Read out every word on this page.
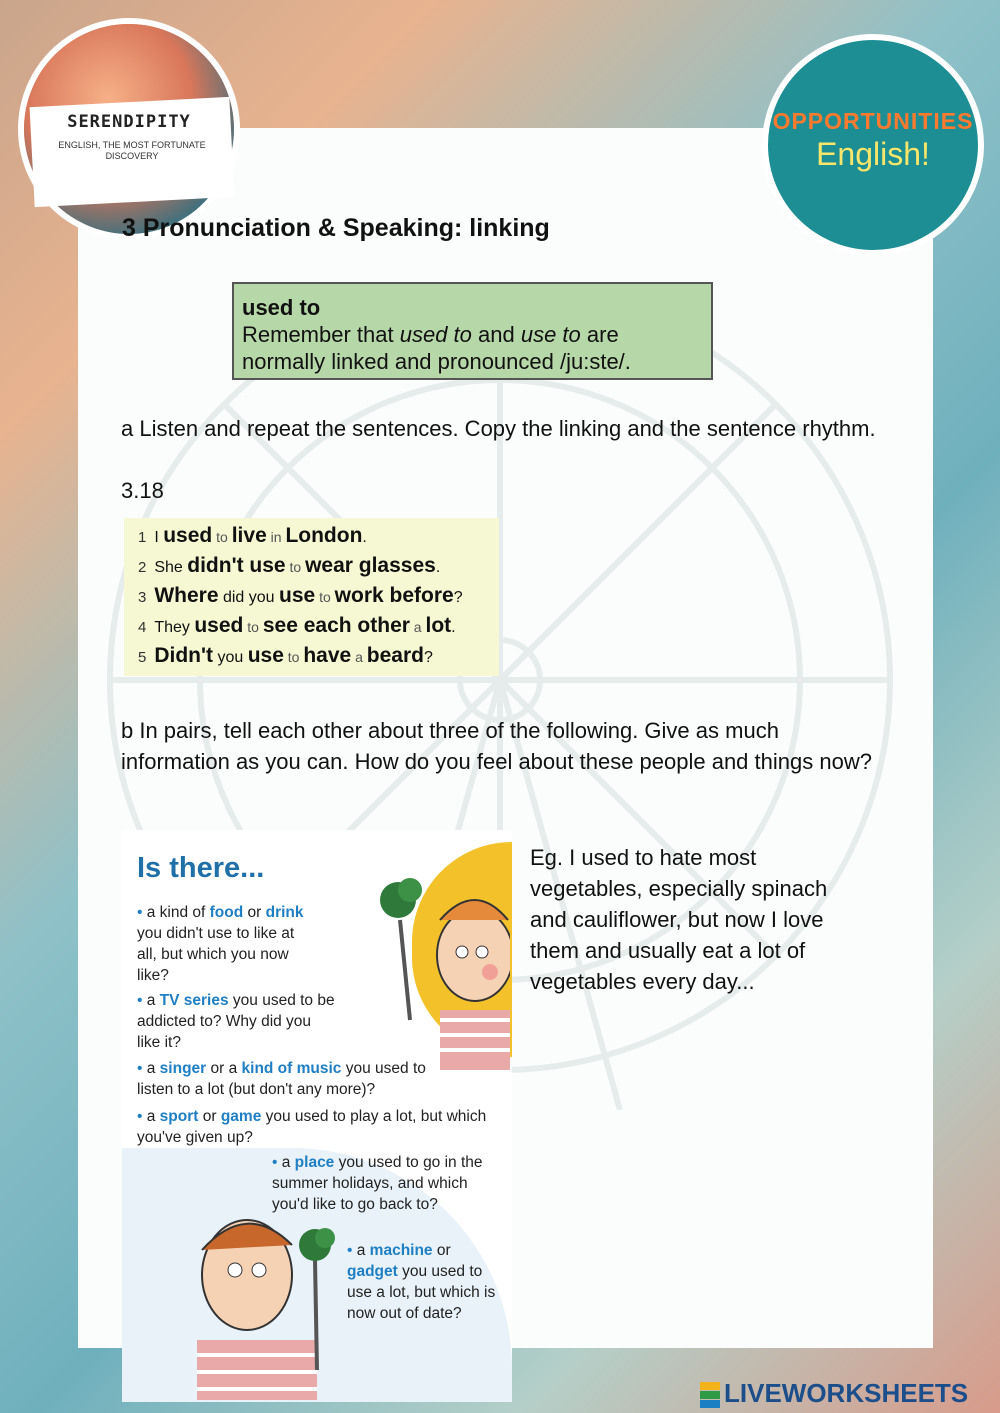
SERENDIPITY
ENGLISH, THE MOST FORTUNATE DISCOVERY
OPPORTUNITIES
English!
3 Pronunciation & Speaking: linking
used to
Remember that used to and use to are
normally linked and pronounced /ju:ste/.
a Listen and repeat the sentences. Copy the linking and the sentence rhythm.
3.18
1 I used to live in London.
2 She didn't use to wear glasses.
3 Where did you use to work before?
4 They used to see each other a lot.
5 Didn't you use to have a beard?
b In pairs, tell each other about three of the following. Give as much information as you can. How do you feel about these people and things now?
Is there...
• a kind of food or drink you didn't use to like at all, but which you now like?
• a TV series you used to be addicted to? Why did you like it?
• a singer or a kind of music you used to listen to a lot (but don't any more)?
• a sport or game you used to play a lot, but which you've given up?
• a place you used to go in the summer holidays, and which you'd like to go back to?
• a machine or gadget you used to use a lot, but which is now out of date?
Eg. I used to hate most vegetables, especially spinach and cauliflower, but now I love them and usually eat a lot of vegetables every day...
LIVEWORKSHEETS
